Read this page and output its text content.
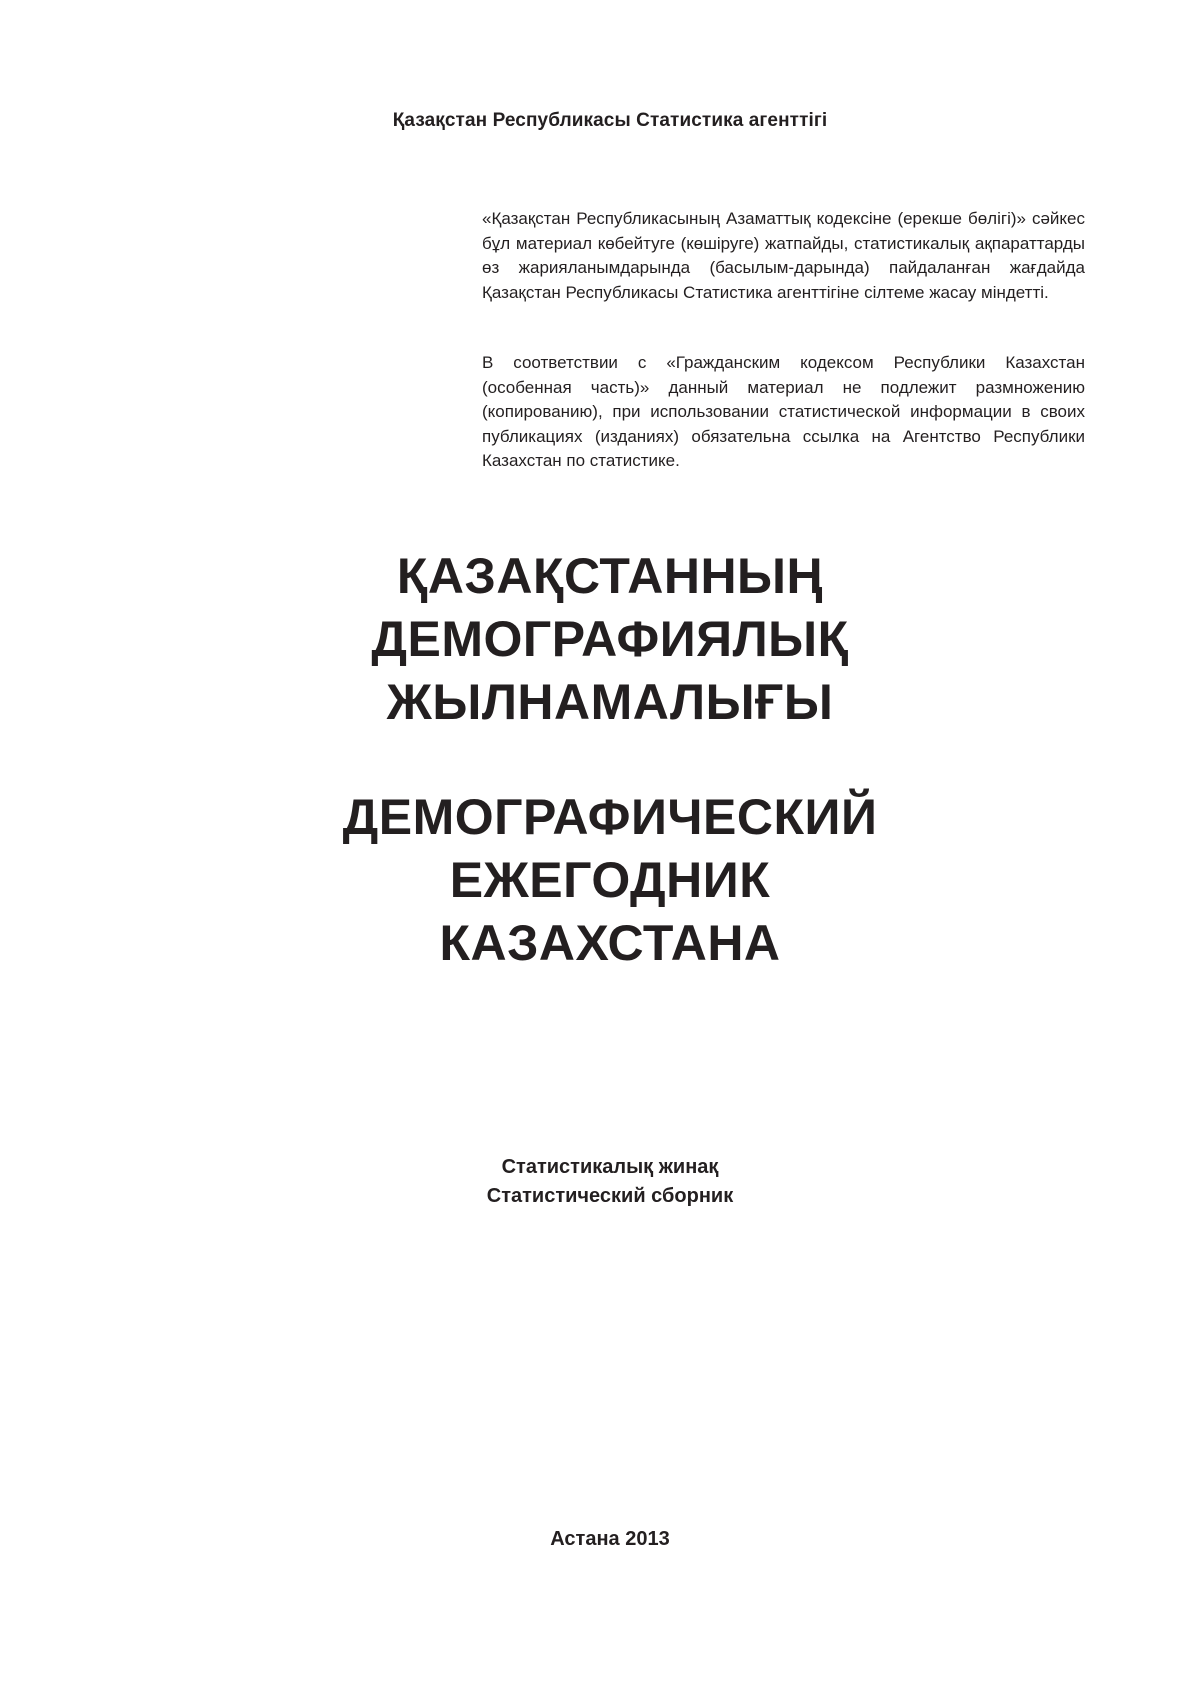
Қазақстан Республикасы Статистика агенттігі

«Қазақстан Республикасының Азаматтық кодексіне (ерекше бөлігі)» сәйкес бұл материал көбейтуге (көшіруге) жатпайды, статистикалық ақпараттарды өз жарияланымдарында (басылым-дарында) пайдаланған жағдайда Қазақстан Республикасы Статистика агенттігіне сілтеме жасау міндетті.

В соответствии с «Гражданским кодексом Республики Казахстан (особенная часть)» данный материал не подлежит размножению (копированию), при использовании статистической информации в своих публикациях (изданиях) обязательна ссылка на Агентство Республики Казахстан по статистике.

ҚАЗАҚСТАННЫҢ
ДЕМОГРАФИЯЛЫҚ
ЖЫЛНАМАЛЫҒЫ
ДЕМОГРАФИЧЕСКИЙ
ЕЖЕГОДНИК
КАЗАХСТАНА
Статистикалық жинақ
Статистический сборник
Астана 2013
